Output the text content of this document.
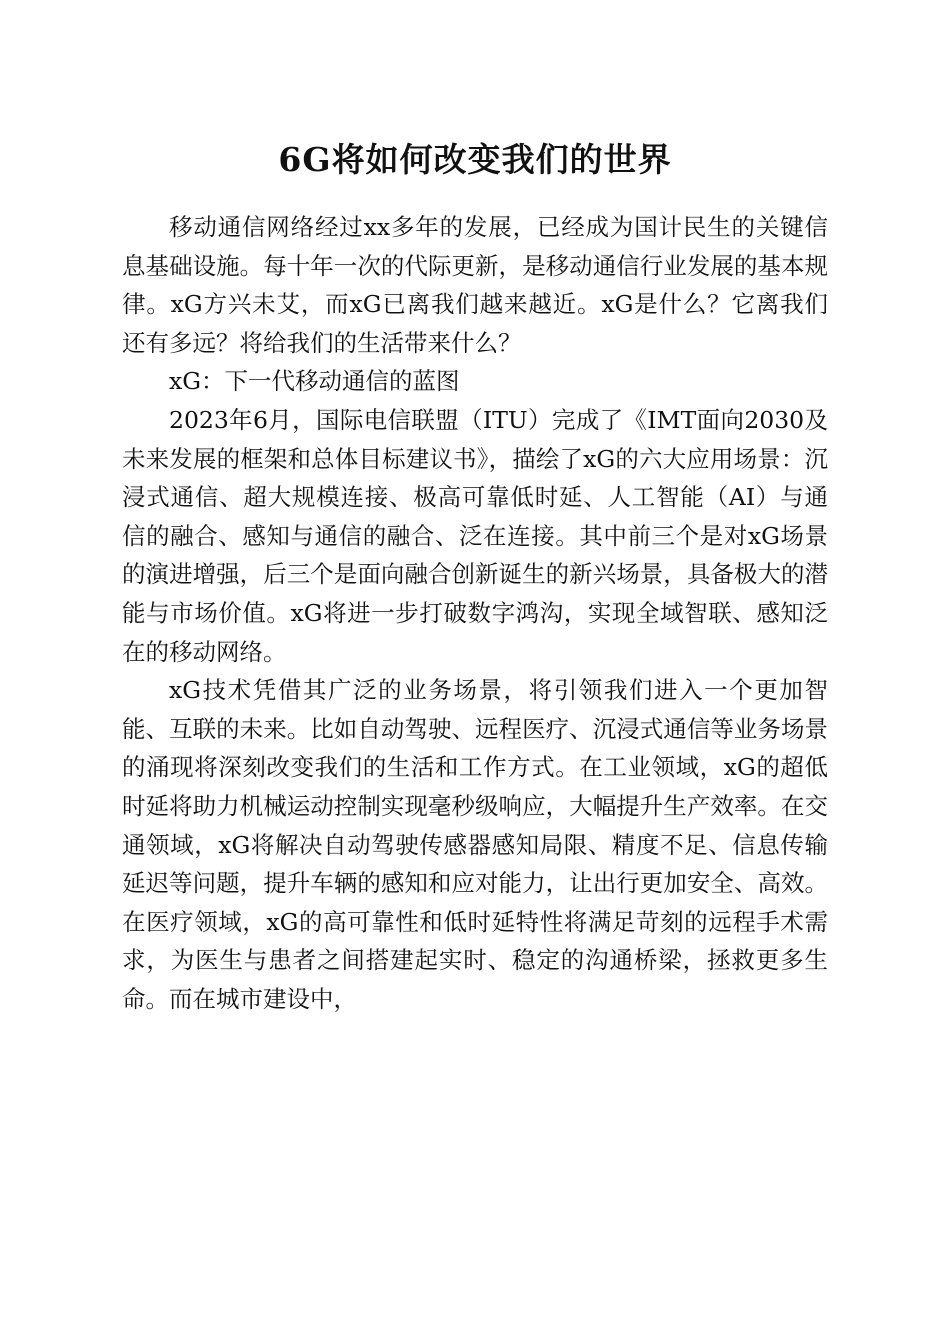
6G将如何改变我们的世界

移动通信网络经过xx多年的发展，已经成为国计民生的关键信息基础设施。每十年一次的代际更新，是移动通信行业发展的基本规律。xG方兴未艾，而xG已离我们越来越近。xG是什么？它离我们还有多远？将给我们的生活带来什么？

xG：下一代移动通信的蓝图

2023年6月，国际电信联盟（ITU）完成了《IMT面向2030及未来发展的框架和总体目标建议书》，描绘了xG的六大应用场景：沉浸式通信、超大规模连接、极高可靠低时延、人工智能（AI）与通信的融合、感知与通信的融合、泛在连接。其中前三个是对xG场景的演进增强，后三个是面向融合创新诞生的新兴场景，具备极大的潜能与市场价值。xG将进一步打破数字鸿沟，实现全域智联、感知泛在的移动网络。

xG技术凭借其广泛的业务场景，将引领我们进入一个更加智能、互联的未来。比如自动驾驶、远程医疗、沉浸式通信等业务场景的涌现将深刻改变我们的生活和工作方式。在工业领域，xG的超低时延将助力机械运动控制实现毫秒级响应，大幅提升生产效率。在交通领域，xG将解决自动驾驶传感器感知局限、精度不足、信息传输延迟等问题，提升车辆的感知和应对能力，让出行更加安全、高效。在医疗领域，xG的高可靠性和低时延特性将满足苛刻的远程手术需求，为医生与患者之间搭建起实时、稳定的沟通桥梁，拯救更多生命。而在城市建设中，
